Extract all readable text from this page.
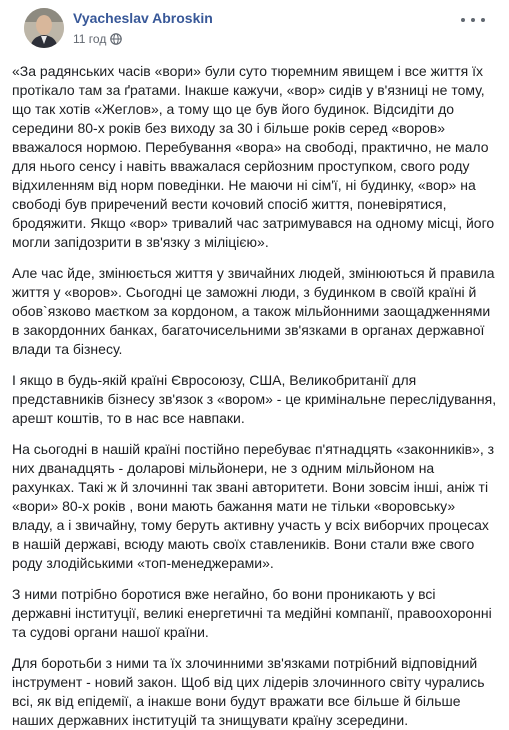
Vyacheslav Abroskin
11 год

«За радянських часів «вори» були суто тюремним явищем і все життя їх протікало там за ґратами. Інакше кажучи, «вор» сидів у в'язниці не тому, що так хотів «Жеглов», а тому що це був його будинок. Відсидіти до середини 80-х років без виходу за 30 і більше років серед «воров» вважалося нормою. Перебування «вора» на свободі, практично, не мало для нього сенсу і навіть вважалася серйозним проступком, свого роду відхиленням від норм поведінки. Не маючи ні сім'ї, ні будинку, «вор» на свободі був приречений вести кочовий спосіб життя, поневірятися, бродяжити. Якщо «вор» тривалий час затримувався на одному місці, його могли запідозрити в зв'язку з міліцією».

Але час йде, змінюється життя у звичайних людей, змінюються й правила життя у «воров». Сьогодні це заможні люди, з будинком в своїй країні й обов`язково маєтком за кордоном, а також мільйонними заощадженнями в закордонних банках, багаточисельними зв'язками в органах державної влади та бізнесу.

І якщо в будь-якій країні Євросоюзу, США, Великобританії для представників бізнесу зв'язок з «вором» - це кримінальне переслідування, арешт коштів, то в нас все навпаки.

На сьогодні в нашій країні постійно перебуває п'ятнадцять «законників», з них дванадцять - доларові мільйонери, не з одним мільйоном на рахунках. Такі ж й злочинні так звані авторитети. Вони зовсім інші, аніж ті «вори» 80-х років , вони мають бажання мати не тільки «воровську» владу, а і звичайну, тому беруть активну участь у всіх виборчих процесах в нашій державі, всюду мають своїх ставлеників. Вони стали вже свого роду злодійськими «топ-менеджерами».

З ними потрібно боротися вже негайно, бо вони проникають у всі державні інституції, великі енергетичні та медійні компанії, правоохоронні та судові органи нашої країни.

Для боротьби з ними та їх злочинними зв'язками потрібний відповідний інструмент - новий закон. Щоб від цих лідерів злочинного світу чурались всі, як від епідемії, а інакше вони будут вражати все більше й більше наших державних інституцій та знищувати країну зсередини.
